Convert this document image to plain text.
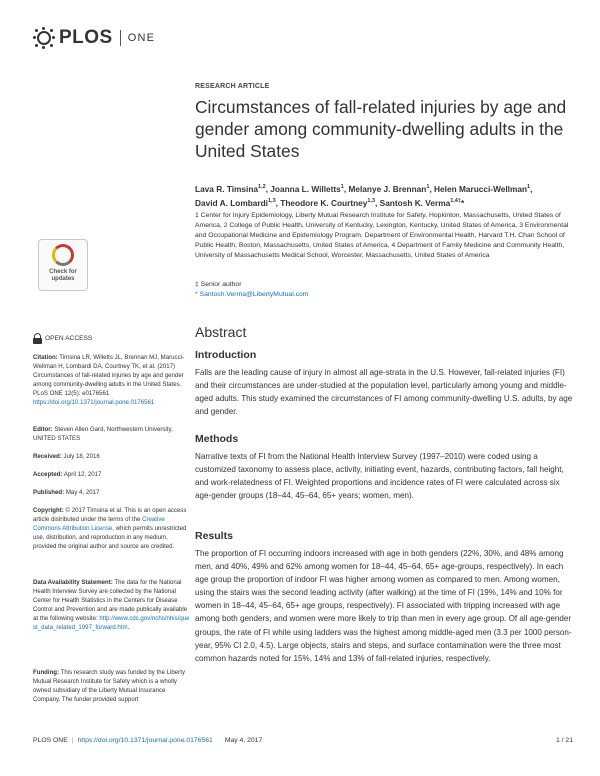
PLOS ONE
RESEARCH ARTICLE
Circumstances of fall-related injuries by age and gender among community-dwelling adults in the United States
Lava R. Timsina$^{1,2}$, Joanna L. Willetts$^1$, Melanye J. Brennan$^1$, Helen Marucci-Wellman$^1$,
David A. Lombardi$^{1,3}$, Theodore K. Courtney$^{1,3}$, Santosh K. Verma$^{1,4\ddagger}$*
1 Center for Injury Epidemiology, Liberty Mutual Research Institute for Safety, Hopkinton, Massachusetts, United States of America, 2 College of Public Health, University of Kentucky, Lexington, Kentucky, United States of America, 3 Environmental and Occupational Medicine and Epidemiology Program, Department of Environmental Health, Harvard T.H. Chan School of Public Health, Boston, Massachusetts, United States of America, 4 Department of Family Medicine and Community Health, University of Massachusetts Medical School, Worcester, Massachusetts, United States of America
‡ Senior author
* Santosh.Verma@LibertyMutual.com
Abstract
Introduction

Falls are the leading cause of injury in almost all age-strata in the U.S. However, fall-related injuries (FI) and their circumstances are under-studied at the population level, particularly among young and middle-aged adults. This study examined the circumstances of FI among community-dwelling U.S. adults, by age and gender.

Methods

Narrative texts of FI from the National Health Interview Survey (1997–2010) were coded using a customized taxonomy to assess place, activity, initiating event, hazards, contributing factors, fall height, and work-relatedness of FI. Weighted proportions and incidence rates of FI were calculated across six age-gender groups (18–44, 45–64, 65+ years; women, men).

Results

The proportion of FI occurring indoors increased with age in both genders (22%, 30%, and 48% among men, and 40%, 49% and 62% among women for 18–44, 45–64, 65+ age-groups, respectively). In each age group the proportion of indoor FI was higher among women as compared to men. Among women, using the stairs was the second leading activity (after walking) at the time of FI (19%, 14% and 10% for women in 18–44, 45–64, 65+ age groups, respectively). FI associated with tripping increased with age among both genders, and women were more likely to trip than men in every age group. Of all age-gender groups, the rate of FI while using ladders was the highest among middle-aged men (3.3 per 1000 person-year, 95% CI 2.0, 4.5). Large objects, stairs and steps, and surface contamination were the three most common hazards noted for 15%, 14% and 13% of fall-related injuries, respectively.

Check for updates
OPEN ACCESS
Citation: Timsina LR, Willetts JL, Brennan MJ, Marucci-Wellman H, Lombardi DA, Courtney TK, et al. (2017) Circumstances of fall-related injuries by age and gender among community-dwelling adults in the United States. PLoS ONE 12(5): e0176561 https://doi.org/10.1371/journal.pone.0176561
Editor: Steven Allen Gard, Northwestern University, UNITED STATES
Received: July 18, 2016
Accepted: April 12, 2017
Published: May 4, 2017
Copyright: © 2017 Timsina et al. This is an open access article distributed under the terms of the Creative Commons Attribution License, which permits unrestricted use, distribution, and reproduction in any medium, provided the original author and source are credited.
Data Availability Statement: The data for the National Health Interview Survey are collected by the National Center for Health Statistics in the Centers for Disease Control and Prevention and are made publically available at the following website: http://www.cdc.gov/nchs/nhis/quest_data_related_1997_forward.htm.
Funding: This research study was funded by the Liberty Mutual Research Institute for Safety which is a wholly owned subsidiary of the Liberty Mutual Insurance Company. The funder provided support
PLOS ONE | https://doi.org/10.1371/journal.pone.0176561 May 4, 2017	1 / 21
